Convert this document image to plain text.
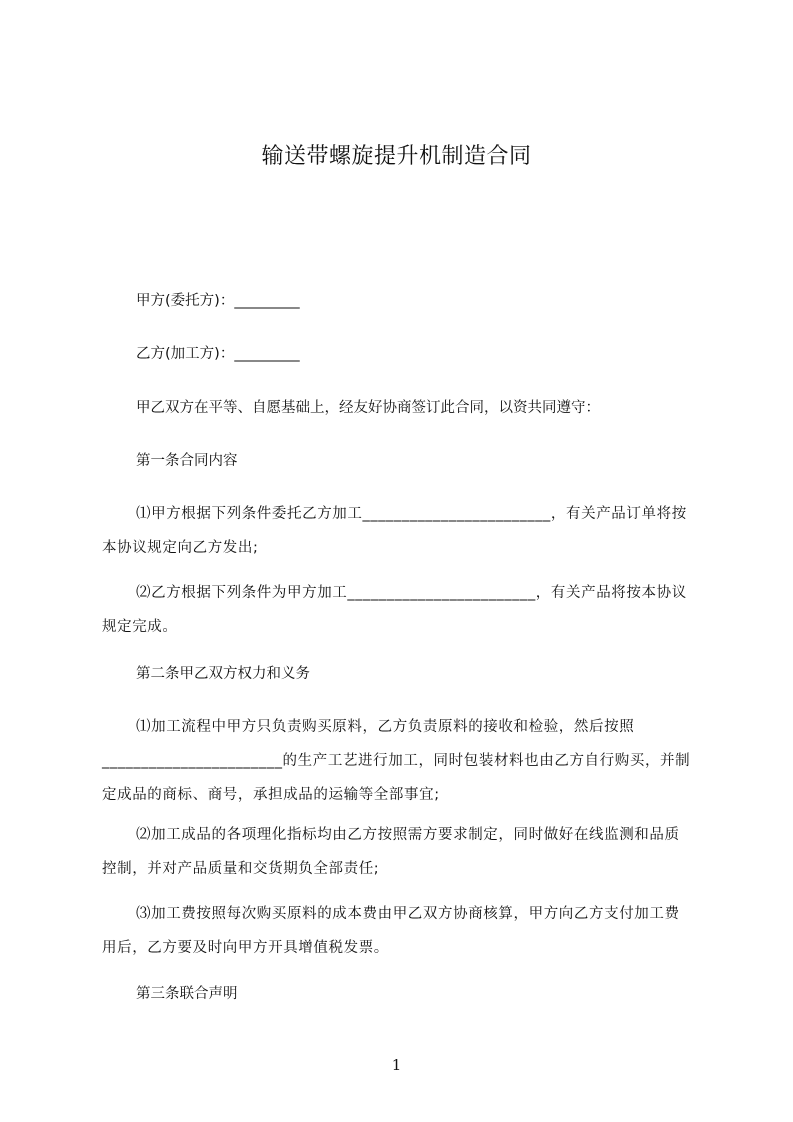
输送带螺旋提升机制造合同
甲方(委托方)：_________
乙方(加工方)：_________
甲乙双方在平等、自愿基础上，经友好协商签订此合同，以资共同遵守：
第一条合同内容
⑴甲方根据下列条件委托乙方加工________________________，有关产品订单将按本协议规定向乙方发出;
⑵乙方根据下列条件为甲方加工________________________，有关产品将按本协议规定完成。
第二条甲乙双方权力和义务
⑴加工流程中甲方只负责购买原料，乙方负责原料的接收和检验，然后按照_______________________的生产工艺进行加工，同时包装材料也由乙方自行购买，并制定成品的商标、商号，承担成品的运输等全部事宜;
⑵加工成品的各项理化指标均由乙方按照需方要求制定，同时做好在线监测和品质控制，并对产品质量和交货期负全部责任;
⑶加工费按照每次购买原料的成本费由甲乙双方协商核算，甲方向乙方支付加工费用后，乙方要及时向甲方开具增值税发票。
第三条联合声明
1
